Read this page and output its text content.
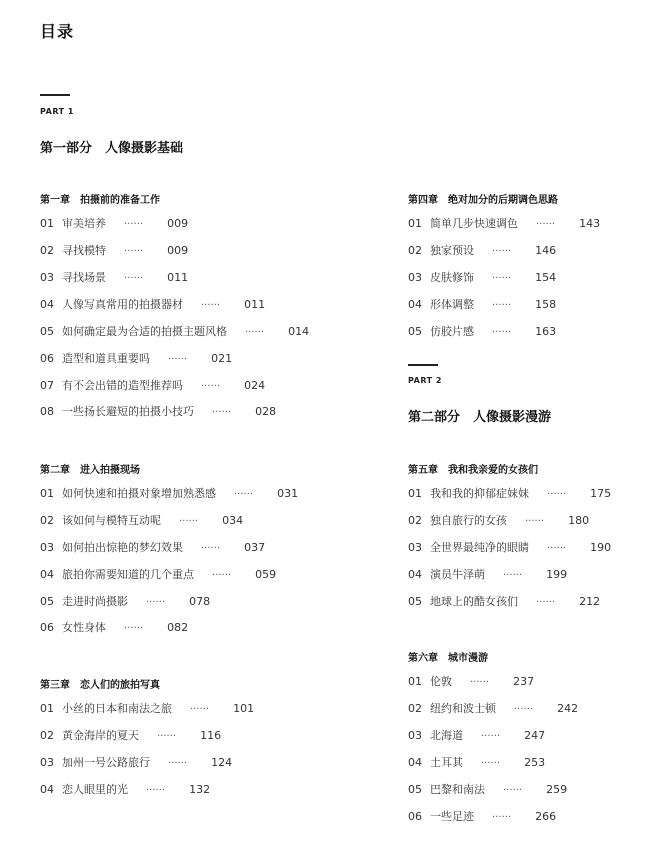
目录
PART 1
第一部分　人像摄影基础
第一章　拍摄前的准备工作
01 审美培养 ······ 009
02 寻找模特 ······ 009
03 寻找场景 ······ 011
04 人像写真常用的拍摄器材 ······ 011
05 如何确定最为合适的拍摄主题风格 ······ 014
06 造型和道具重要吗 ······ 021
07 有不会出错的造型推荐吗 ······ 024
08 一些扬长避短的拍摄小技巧 ······ 028
第二章　进入拍摄现场
01 如何快速和拍摄对象增加熟悉感 ······ 031
02 该如何与模特互动呢 ······ 034
03 如何拍出惊艳的梦幻效果 ······ 037
04 旅拍你需要知道的几个重点 ······ 059
05 走进时尚摄影 ······ 078
06 女性身体 ······ 082
第三章　恋人们的旅拍写真
01 小丝的日本和南法之旅 ······ 101
02 黄金海岸的夏天 ······ 116
03 加州一号公路旅行 ······ 124
04 恋人眼里的光 ······ 132
第四章　绝对加分的后期调色思路
01 简单几步快速调色 ······ 143
02 独家预设 ······ 146
03 皮肤修饰 ······ 154
04 形体调整 ······ 158
05 仿胶片感 ······ 163
PART 2
第二部分　人像摄影漫游
第五章　我和我亲爱的女孩们
01 我和我的抑郁症妹妹 ······ 175
02 独自旅行的女孩 ······ 180
03 全世界最纯净的眼睛 ······ 190
04 演员牛泽萌 ······ 199
05 地球上的酷女孩们 ······ 212
第六章　城市漫游
01 伦敦 ······ 237
02 纽约和波士顿 ······ 242
03 北海道 ······ 247
04 土耳其 ······ 253
05 巴黎和南法 ······ 259
06 一些足迹 ······ 266
